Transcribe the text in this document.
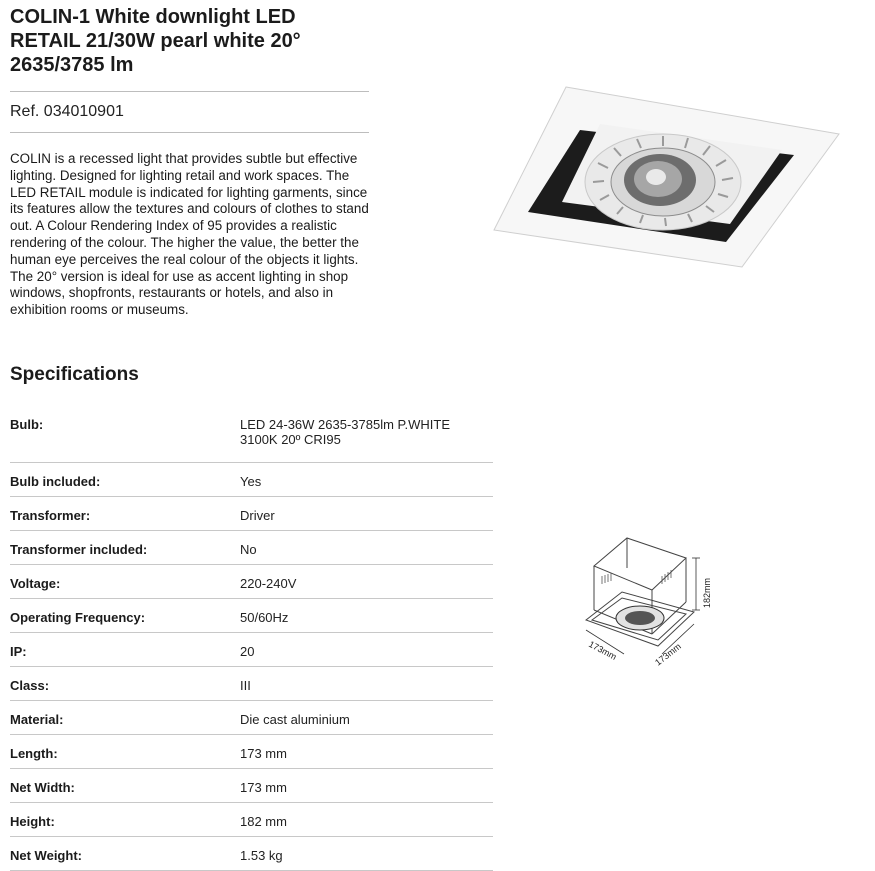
COLIN-1 White downlight LED RETAIL 21/30W pearl white 20° 2635/3785 lm
Ref. 034010901

COLIN is a recessed light that provides subtle but effective lighting. Designed for lighting retail and work spaces. The LED RETAIL module is indicated for lighting garments, since its features allow the textures and colours of clothes to stand out. A Colour Rendering Index of 95 provides a realistic rendering of the colour. The higher the value, the better the human eye perceives the real colour of the objects it lights. The 20° version is ideal for use as accent lighting in shop windows, shopfronts, restaurants or hotels, and also in exhibition rooms or museums.

Specifications
Bulb:	LED 24-36W 2635-3785lm P.WHITE 3100K 20º CRI95
Bulb included:	Yes
Transformer:	Driver
Transformer included:	No
Voltage:	220-240V
Operating Frequency:	50/60Hz
IP:	20
Class:	III
Material:	Die cast aluminium
Length:	173 mm
Net Width:	173 mm
Height:	182 mm
Net Weight:	1.53 kg
182mm
173mm	173mm
